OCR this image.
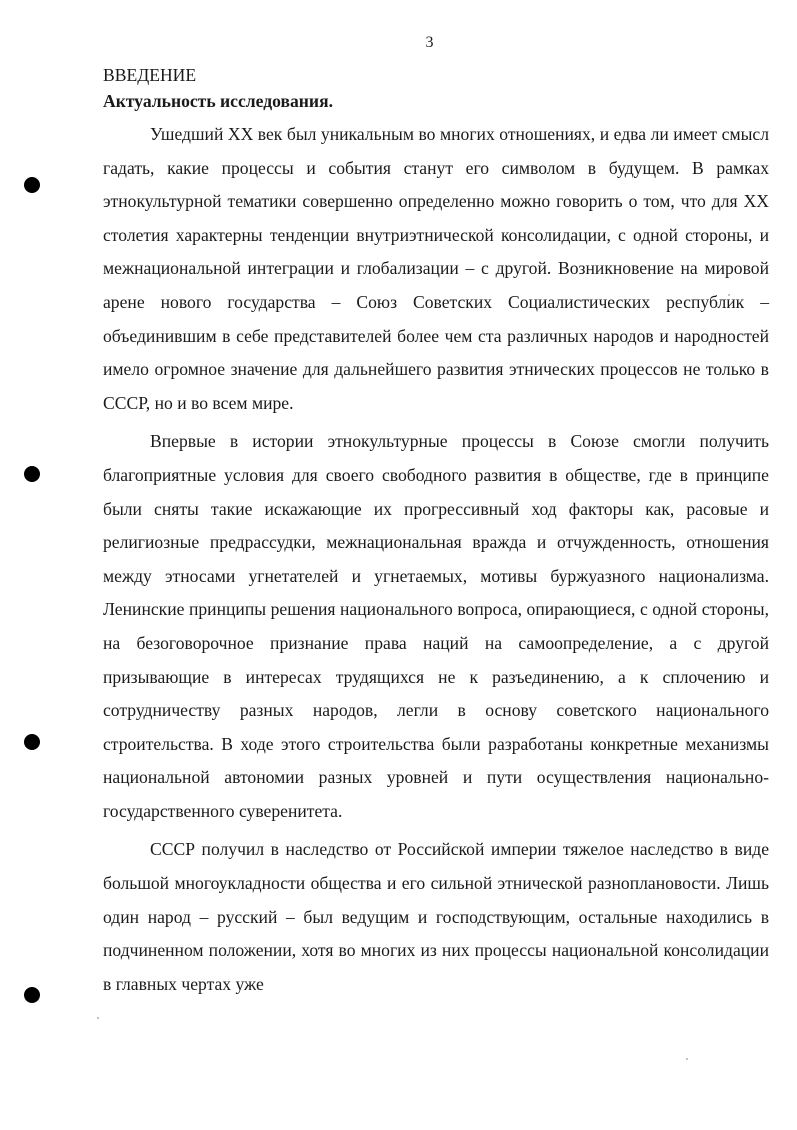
3
ВВЕДЕНИЕ
Актуальность исследования.

Ушедший XX век был уникальным во многих отношениях, и едва ли имеет смысл гадать, какие процессы и события станут его символом в будущем. В рамках этнокультурной тематики совершенно определенно можно говорить о том, что для XX столетия характерны тенденции внутриэтнической консолидации, с одной стороны, и межнациональной интеграции и глобализации – с другой. Возникновение на мировой арене нового государства – Союз Советских Социалистических республик – объединившим в себе представителей более чем ста различных народов и народностей имело огромное значение для дальнейшего развития этнических процессов не только в СССР, но и во всем мире.

Впервые в истории этнокультурные процессы в Союзе смогли получить благоприятные условия для своего свободного развития в обществе, где в принципе были сняты такие искажающие их прогрессивный ход факторы как, расовые и религиозные предрассудки, межнациональная вражда и отчужденность, отношения между этносами угнетателей и угнетаемых, мотивы буржуазного национализма. Ленинские принципы решения национального вопроса, опирающиеся, с одной стороны, на безоговорочное признание права наций на самоопределение, а с другой призывающие в интересах трудящихся не к разъединению, а к сплочению и сотрудничеству разных народов, легли в основу советского национального строительства. В ходе этого строительства были разработаны конкретные механизмы национальной автономии разных уровней и пути осуществления национально-государственного суверенитета.

СССР получил в наследство от Российской империи тяжелое наследство в виде большой многоукладности общества и его сильной этнической разноплановости. Лишь один народ – русский – был ведущим и господствующим, остальные находились в подчиненном положении, хотя во многих из них процессы национальной консолидации в главных чертах уже
